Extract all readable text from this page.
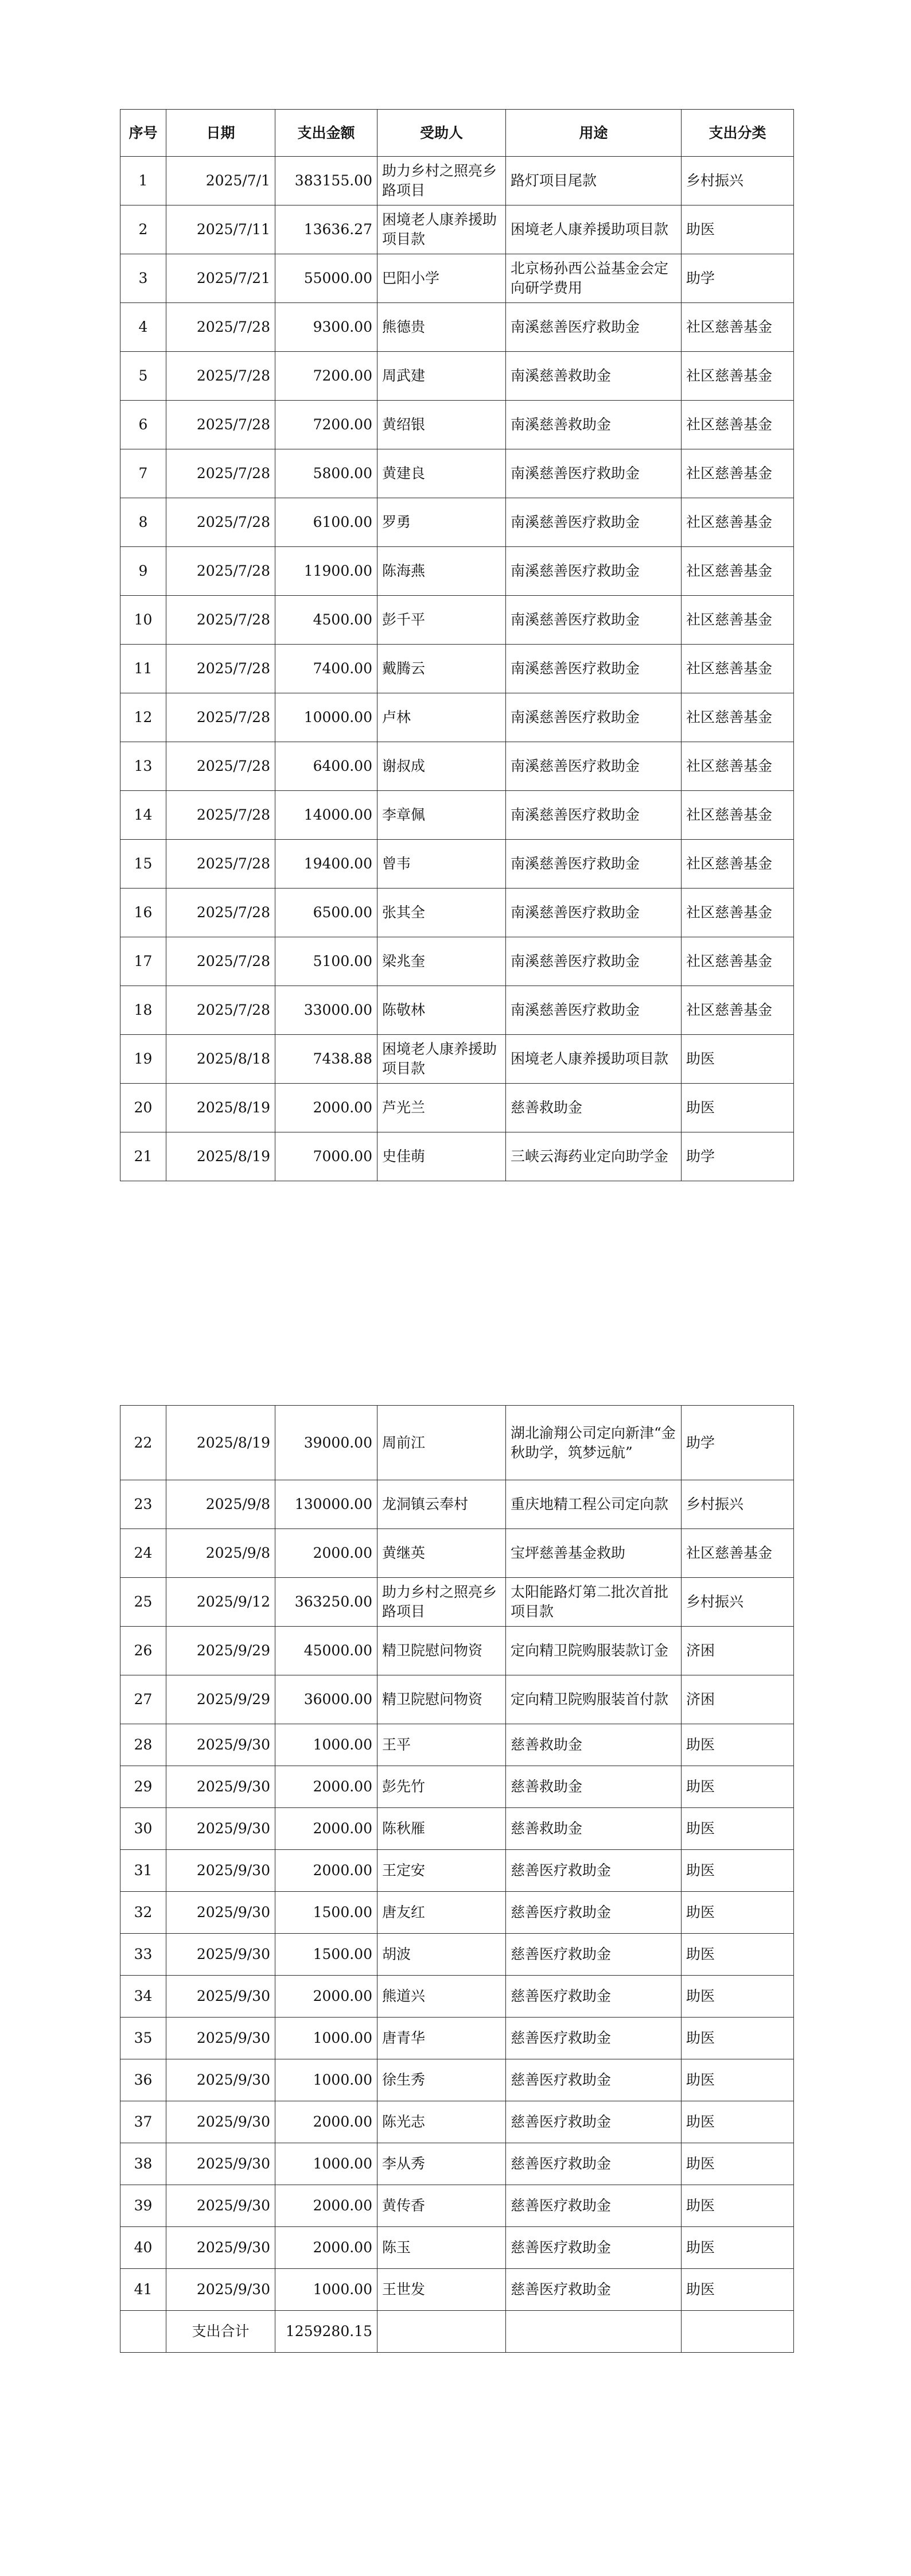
序号	日期	支出金额	受助人	用途	支出分类
1	2025/7/1	383155.00	助力乡村之照亮乡路项目	路灯项目尾款	乡村振兴
2	2025/7/11	13636.27	困境老人康养援助项目款	困境老人康养援助项目款	助医
3	2025/7/21	55000.00	巴阳小学	北京杨孙西公益基金会定向研学费用	助学
4	2025/7/28	9300.00	熊德贵	南溪慈善医疗救助金	社区慈善基金
5	2025/7/28	7200.00	周武建	南溪慈善救助金	社区慈善基金
6	2025/7/28	7200.00	黄绍银	南溪慈善救助金	社区慈善基金
7	2025/7/28	5800.00	黄建良	南溪慈善医疗救助金	社区慈善基金
8	2025/7/28	6100.00	罗勇	南溪慈善医疗救助金	社区慈善基金
9	2025/7/28	11900.00	陈海燕	南溪慈善医疗救助金	社区慈善基金
10	2025/7/28	4500.00	彭千平	南溪慈善医疗救助金	社区慈善基金
11	2025/7/28	7400.00	戴腾云	南溪慈善医疗救助金	社区慈善基金
12	2025/7/28	10000.00	卢林	南溪慈善医疗救助金	社区慈善基金
13	2025/7/28	6400.00	谢叔成	南溪慈善医疗救助金	社区慈善基金
14	2025/7/28	14000.00	李章佩	南溪慈善医疗救助金	社区慈善基金
15	2025/7/28	19400.00	曾韦	南溪慈善医疗救助金	社区慈善基金
16	2025/7/28	6500.00	张其全	南溪慈善医疗救助金	社区慈善基金
17	2025/7/28	5100.00	梁兆奎	南溪慈善医疗救助金	社区慈善基金
18	2025/7/28	33000.00	陈敬林	南溪慈善医疗救助金	社区慈善基金
19	2025/8/18	7438.88	困境老人康养援助项目款	困境老人康养援助项目款	助医
20	2025/8/19	2000.00	芦光兰	慈善救助金	助医
21	2025/8/19	7000.00	史佳萌	三峡云海药业定向助学金	助学
22	2025/8/19	39000.00	周前江	湖北渝翔公司定向新津“金秋助学，筑梦远航”	助学
23	2025/9/8	130000.00	龙洞镇云奉村	重庆地精工程公司定向款	乡村振兴
24	2025/9/8	2000.00	黄继英	宝坪慈善基金救助	社区慈善基金
25	2025/9/12	363250.00	助力乡村之照亮乡路项目	太阳能路灯第二批次首批项目款	乡村振兴
26	2025/9/29	45000.00	精卫院慰问物资	定向精卫院购服装款订金	济困
27	2025/9/29	36000.00	精卫院慰问物资	定向精卫院购服装首付款	济困
28	2025/9/30	1000.00	王平	慈善救助金	助医
29	2025/9/30	2000.00	彭先竹	慈善救助金	助医
30	2025/9/30	2000.00	陈秋雁	慈善救助金	助医
31	2025/9/30	2000.00	王定安	慈善医疗救助金	助医
32	2025/9/30	1500.00	唐友红	慈善医疗救助金	助医
33	2025/9/30	1500.00	胡波	慈善医疗救助金	助医
34	2025/9/30	2000.00	熊道兴	慈善医疗救助金	助医
35	2025/9/30	1000.00	唐青华	慈善医疗救助金	助医
36	2025/9/30	1000.00	徐生秀	慈善医疗救助金	助医
37	2025/9/30	2000.00	陈光志	慈善医疗救助金	助医
38	2025/9/30	1000.00	李从秀	慈善医疗救助金	助医
39	2025/9/30	2000.00	黄传香	慈善医疗救助金	助医
40	2025/9/30	2000.00	陈玉	慈善医疗救助金	助医
41	2025/9/30	1000.00	王世发	慈善医疗救助金	助医
	支出合计	1259280.15			
